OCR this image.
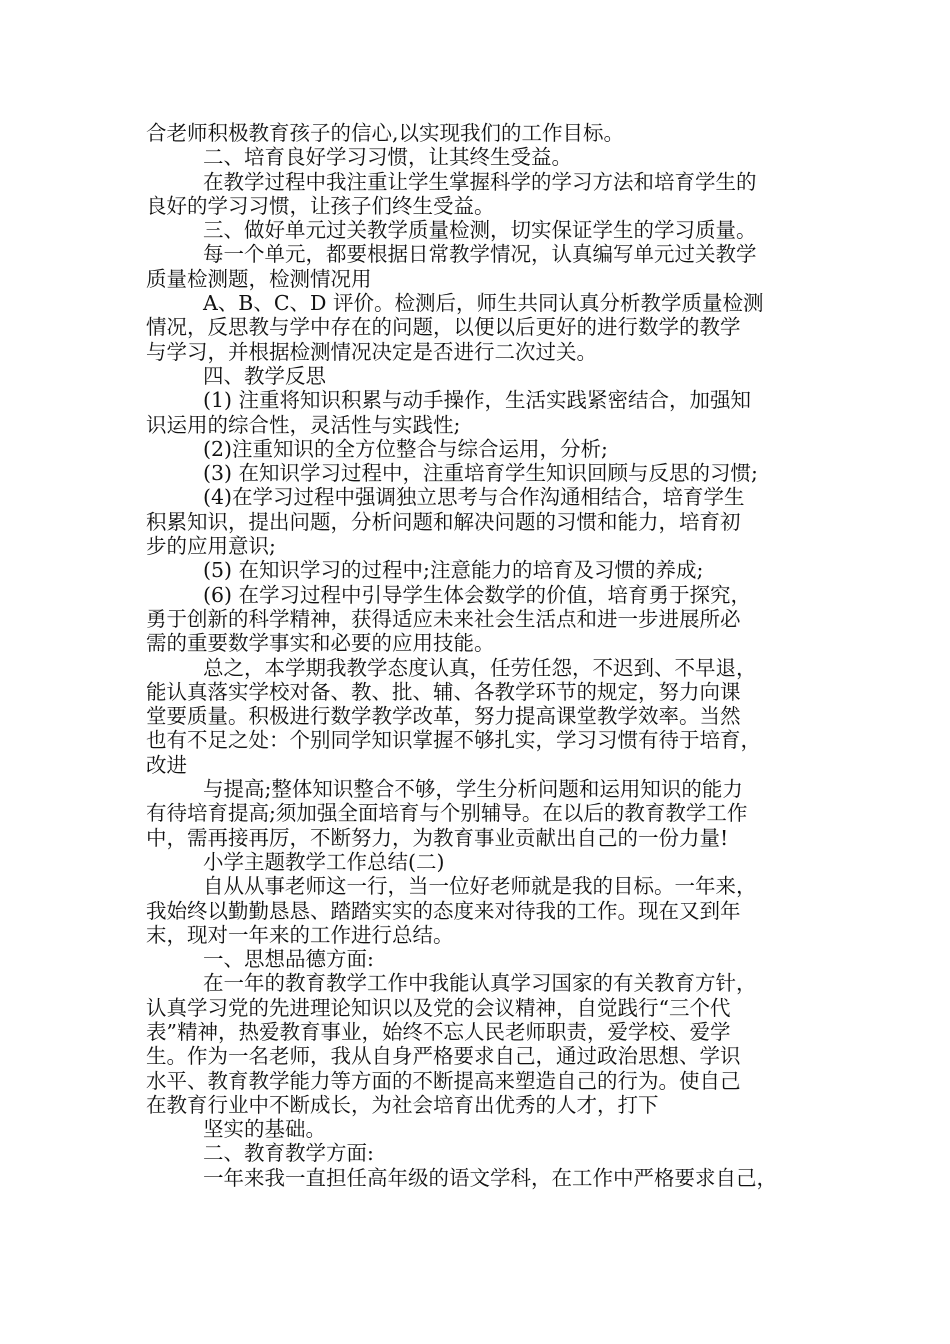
合老师积极教育孩子的信心,以实现我们的工作目标。
二、培育良好学习习惯，让其终生受益。
在教学过程中我注重让学生掌握科学的学习方法和培育学生的
良好的学习习惯，让孩子们终生受益。
三、做好单元过关教学质量检测，切实保证学生的学习质量。
每一个单元，都要根据日常教学情况，认真编写单元过关教学
质量检测题，检测情况用
A、B、C、D 评价。检测后，师生共同认真分析教学质量检测
情况，反思教与学中存在的问题，以便以后更好的进行数学的教学
与学习，并根据检测情况决定是否进行二次过关。
四、教学反思
(1) 注重将知识积累与动手操作，生活实践紧密结合，加强知
识运用的综合性，灵活性与实践性;
(2)注重知识的全方位整合与综合运用，分析;
(3) 在知识学习过程中，注重培育学生知识回顾与反思的习惯;
(4)在学习过程中强调独立思考与合作沟通相结合，培育学生
积累知识，提出问题，分析问题和解决问题的习惯和能力，培育初
步的应用意识;
(5) 在知识学习的过程中;注意能力的培育及习惯的养成;
(6) 在学习过程中引导学生体会数学的价值，培育勇于探究，
勇于创新的科学精神，获得适应未来社会生活点和进一步进展所必
需的重要数学事实和必要的应用技能。
总之，本学期我教学态度认真，任劳任怨，不迟到、不早退，
能认真落实学校对备、教、批、辅、各教学环节的规定，努力向课
堂要质量。积极进行数学教学改革，努力提高课堂教学效率。当然
也有不足之处：个别同学知识掌握不够扎实，学习习惯有待于培育，
改进
与提高;整体知识整合不够，学生分析问题和运用知识的能力
有待培育提高;须加强全面培育与个别辅导。在以后的教育教学工作
中，需再接再厉，不断努力，为教育事业贡献出自己的一份力量!
小学主题教学工作总结(二)
自从从事老师这一行，当一位好老师就是我的目标。一年来，
我始终以勤勤恳恳、踏踏实实的态度来对待我的工作。现在又到年
末，现对一年来的工作进行总结。
一、思想品德方面:
在一年的教育教学工作中我能认真学习国家的有关教育方针，
认真学习党的先进理论知识以及党的会议精神，自觉践行“三个代
表”精神，热爱教育事业，始终不忘人民老师职责，爱学校、爱学
生。作为一名老师，我从自身严格要求自己，通过政治思想、学识
水平、教育教学能力等方面的不断提高来塑造自己的行为。使自己
在教育行业中不断成长，为社会培育出优秀的人才，打下
坚实的基础。
二、教育教学方面:
一年来我一直担任高年级的语文学科，在工作中严格要求自己，
